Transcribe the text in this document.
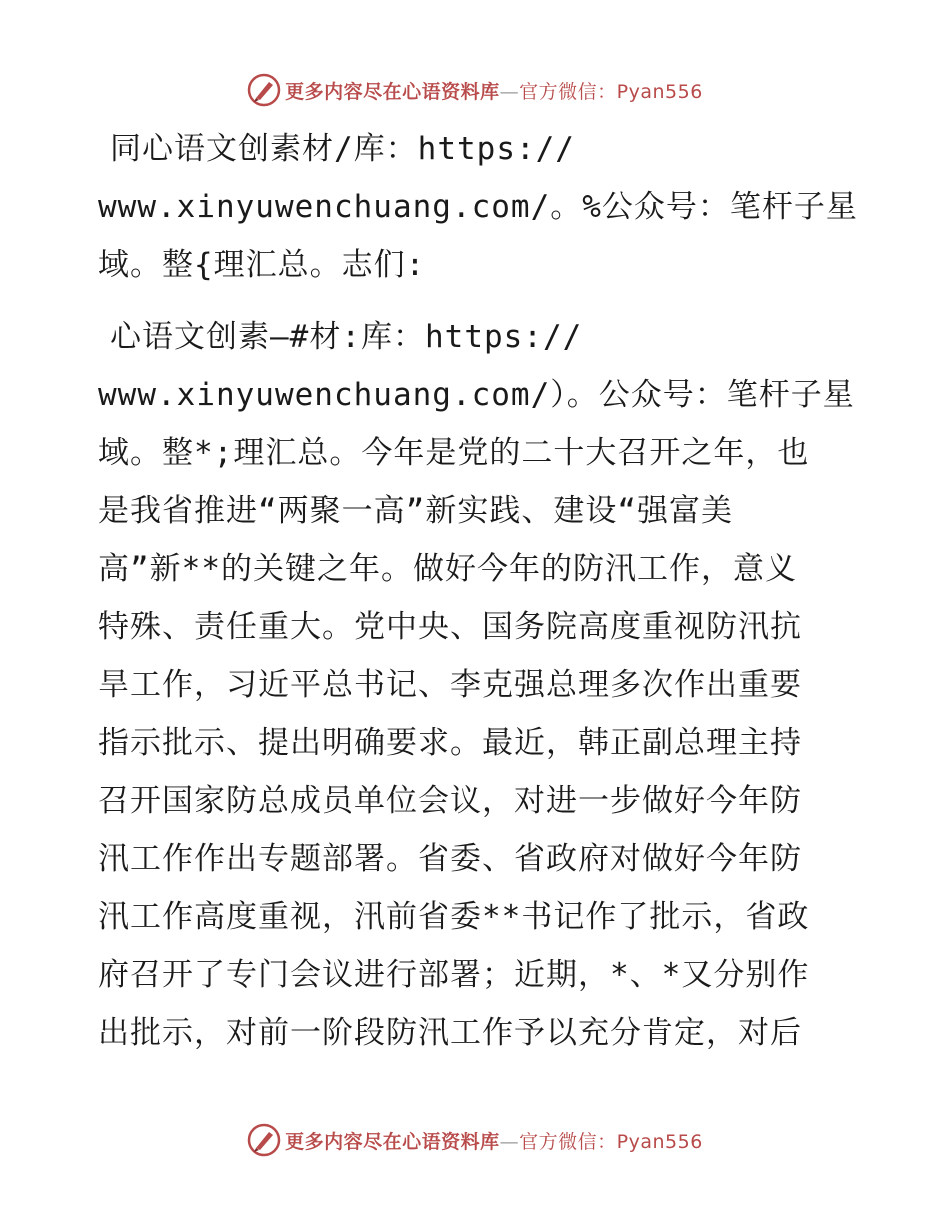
更多内容尽在心语资料库—官方微信：Pyan556
同心语文创素材/库：https://
www.xinyuwenchuang.com/。%公众号：笔杆子星
域。整{理汇总。志们:
心语文创素—#材:库：https://
www.xinyuwenchuang.com/）。公众号：笔杆子星
域。整*;理汇总。今年是党的二十大召开之年，也
是我省推进“两聚一高”新实践、建设“强富美
高”新**的关键之年。做好今年的防汛工作，意义
特殊、责任重大。党中央、国务院高度重视防汛抗
旱工作，习近平总书记、李克强总理多次作出重要
指示批示、提出明确要求。最近，韩正副总理主持
召开国家防总成员单位会议，对进一步做好今年防
汛工作作出专题部署。省委、省政府对做好今年防
汛工作高度重视，汛前省委**书记作了批示，省政
府召开了专门会议进行部署；近期，*、*又分别作
出批示，对前一阶段防汛工作予以充分肯定，对后
更多内容尽在心语资料库—官方微信：Pyan556
